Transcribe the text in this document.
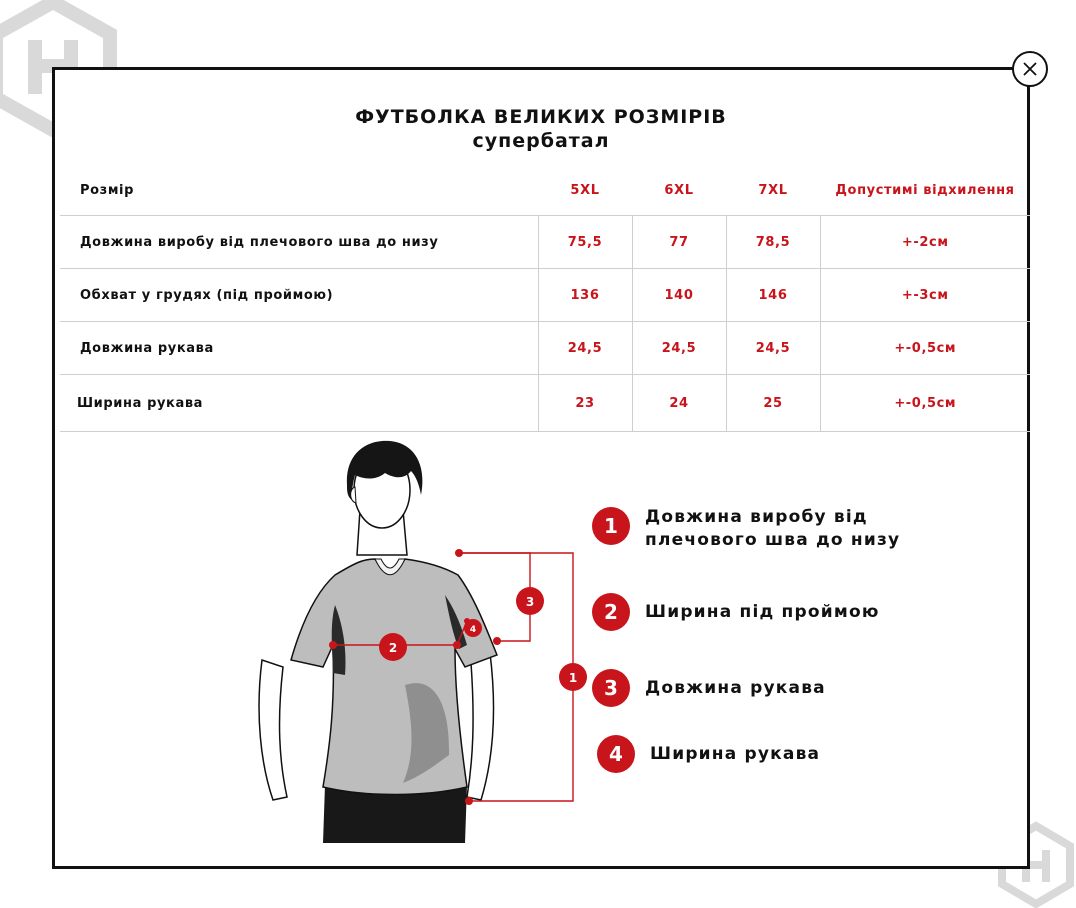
ФУТБОЛКА ВЕЛИКИХ РОЗМІРІВ
супербатал
Розмір	5XL	6XL	7XL	Допустимі відхилення
Довжина виробу від плечового шва до низу	75,5	77	78,5	+-2см
Обхват у грудях (під проймою)	136	140	146	+-3см
Довжина рукава	24,5	24,5	24,5	+-0,5см
Ширина рукава	23	24	25	+-0,5см
1
2
3
4
1	Довжина виробу від
плечового шва до низу
2	Ширина під проймою
3	Довжина рукава
4	Ширина рукава
